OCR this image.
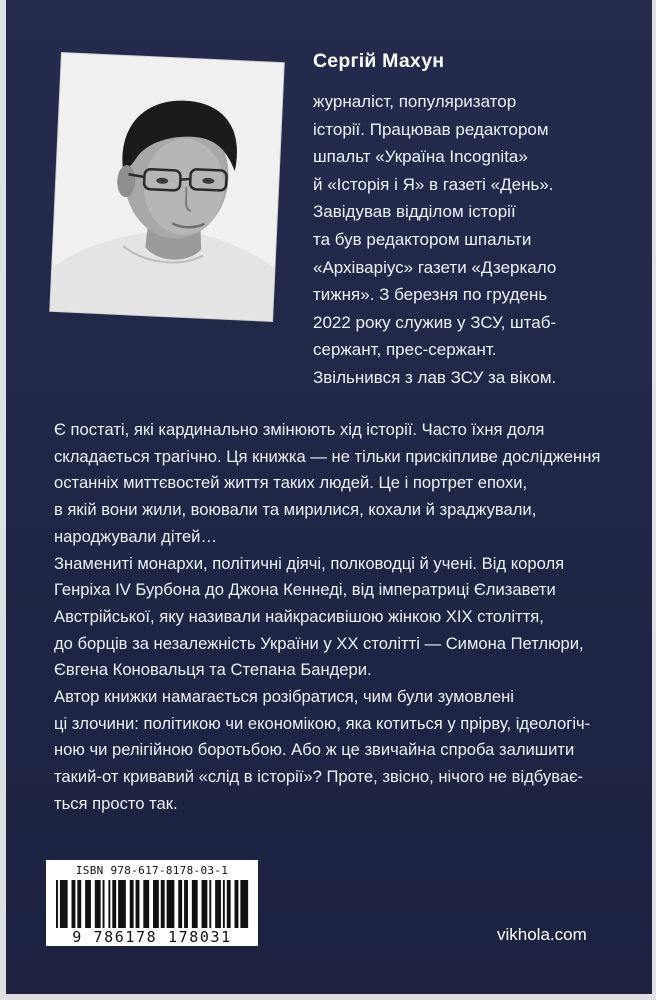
Сергій Махун
журналіст, популяризатор
історії. Працював редактором
шпальт «Україна Incognita»
й «Історія і Я» в газеті «День».
Завідував відділом історії
та був редактором шпальти
«Архіваріус» газети «Дзеркало
тижня». З березня по грудень
2022 року служив у ЗСУ, штаб-
сержант, прес-сержант.
Звільнився з лав ЗСУ за віком.
Є постаті, які кардинально змінюють хід історії. Часто їхня доля
складається трагічно. Ця книжка — не тільки прискіпливе дослідження
останніх миттєвостей життя таких людей. Це і портрет епохи,
в якій вони жили, воювали та мирилися, кохали й зраджували,
народжували дітей…
Знамениті монархи, політичні діячі, полководці й учені. Від короля
Генріха IV Бурбона до Джона Кеннеді, від імператриці Єлизавети
Австрійської, яку називали найкрасивішою жінкою XIX століття,
до борців за незалежність України у XX столітті — Симона Петлюри,
Євгена Коновальця та Степана Бандери.
Автор книжки намагається розібратися, чим були зумовлені
ці злочини: політикою чи економікою, яка котиться у прірву, ідеологіч-
ною чи релігійною боротьбою. Або ж це звичайна спроба залишити
такий-от кривавий «слід в історії»? Проте, звісно, нічого не відбуває-
ться просто так.
ISBN 978-617-8178-03-1
9 786178 178031	vikhola.com
